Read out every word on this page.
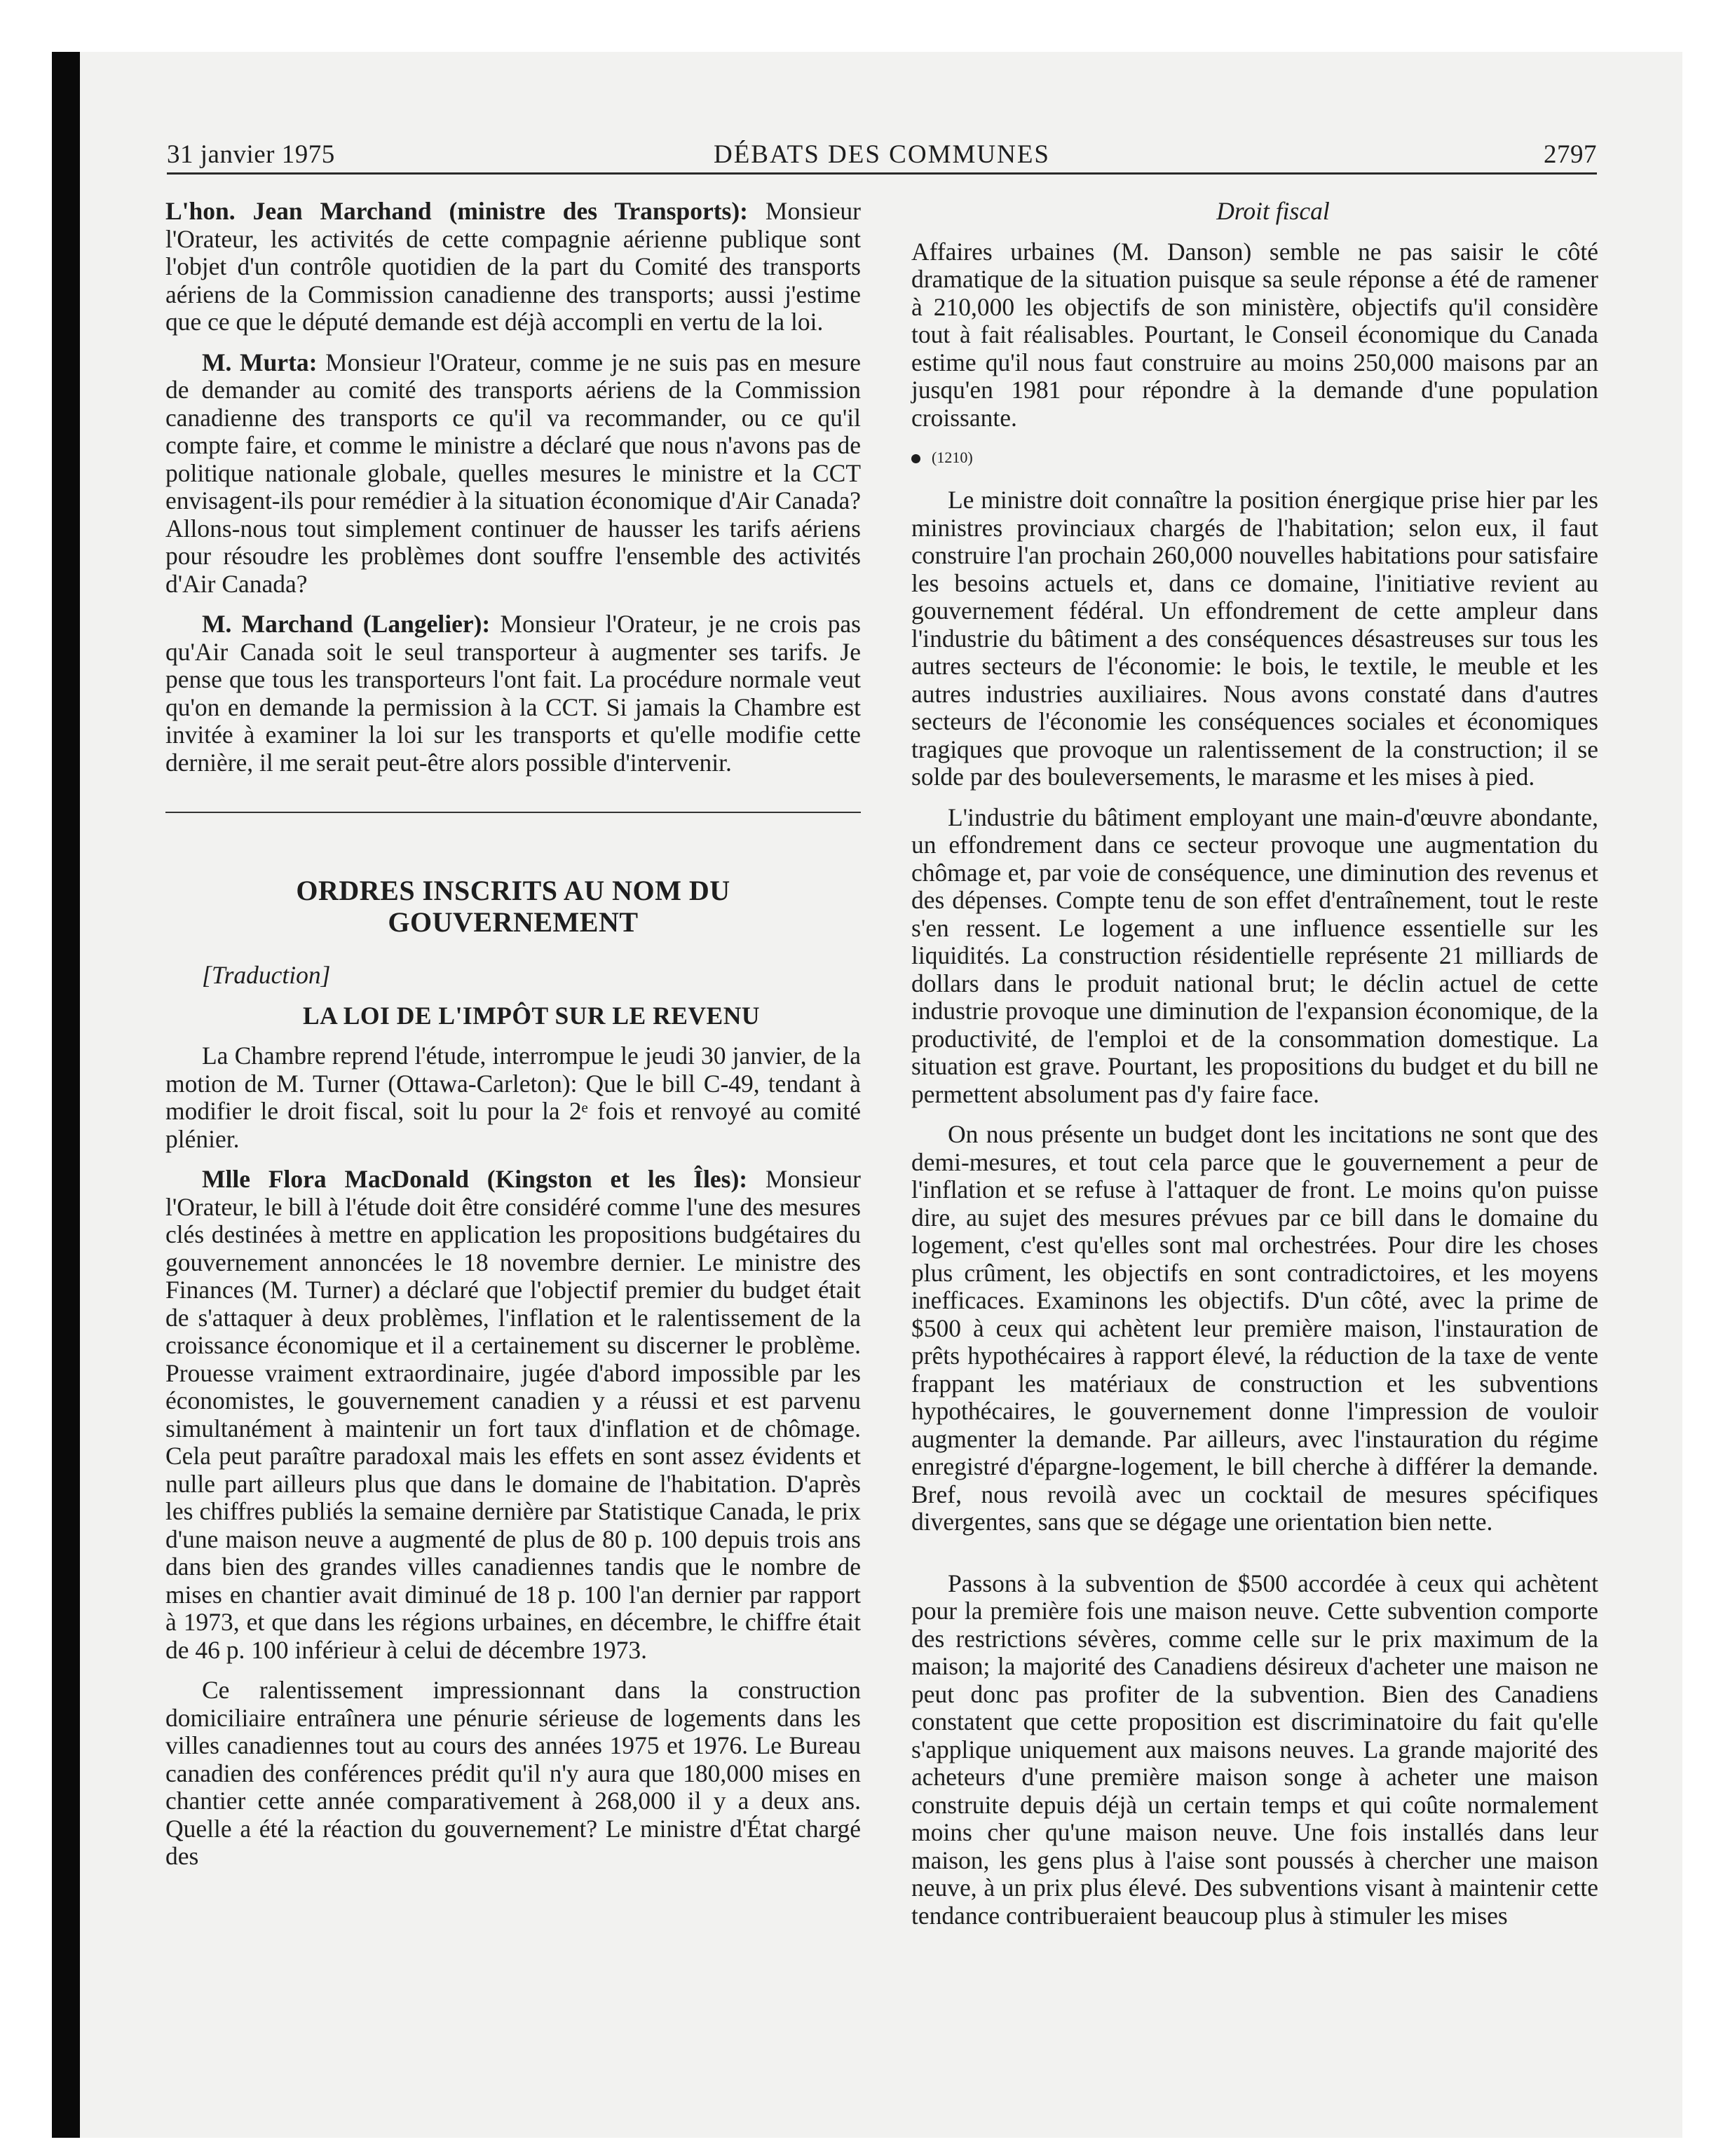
31 janvier 1975	DÉBATS DES COMMUNES	2797

L'hon. Jean Marchand (ministre des Transports): Monsieur l'Orateur, les activités de cette compagnie aérienne publique sont l'objet d'un contrôle quotidien de la part du Comité des transports aériens de la Commission canadienne des transports; aussi j'estime que ce que le député demande est déjà accompli en vertu de la loi.

M. Murta: Monsieur l'Orateur, comme je ne suis pas en mesure de demander au comité des transports aériens de la Commission canadienne des transports ce qu'il va recommander, ou ce qu'il compte faire, et comme le ministre a déclaré que nous n'avons pas de politique nationale globale, quelles mesures le ministre et la CCT envisagent-ils pour remédier à la situation économique d'Air Canada? Allons-nous tout simplement continuer de hausser les tarifs aériens pour résoudre les problèmes dont souffre l'ensemble des activités d'Air Canada?

M. Marchand (Langelier): Monsieur l'Orateur, je ne crois pas qu'Air Canada soit le seul transporteur à augmenter ses tarifs. Je pense que tous les transporteurs l'ont fait. La procédure normale veut qu'on en demande la permission à la CCT. Si jamais la Chambre est invitée à examiner la loi sur les transports et qu'elle modifie cette dernière, il me serait peut-être alors possible d'intervenir.

ORDRES INSCRITS AU NOM DU
GOUVERNEMENT

[Traduction]

LA LOI DE L'IMPÔT SUR LE REVENU

La Chambre reprend l'étude, interrompue le jeudi 30 janvier, de la motion de M. Turner (Ottawa-Carleton): Que le bill C-49, tendant à modifier le droit fiscal, soit lu pour la 2ᵉ fois et renvoyé au comité plénier.

Mlle Flora MacDonald (Kingston et les Îles): Monsieur l'Orateur, le bill à l'étude doit être considéré comme l'une des mesures clés destinées à mettre en application les propositions budgétaires du gouvernement annoncées le 18 novembre dernier. Le ministre des Finances (M. Turner) a déclaré que l'objectif premier du budget était de s'attaquer à deux problèmes, l'inflation et le ralentissement de la croissance économique et il a certainement su discerner le problème. Prouesse vraiment extraordinaire, jugée d'abord impossible par les économistes, le gouvernement canadien y a réussi et est parvenu simultanément à maintenir un fort taux d'inflation et de chômage. Cela peut paraître paradoxal mais les effets en sont assez évidents et nulle part ailleurs plus que dans le domaine de l'habitation. D'après les chiffres publiés la semaine dernière par Statistique Canada, le prix d'une maison neuve a augmenté de plus de 80 p. 100 depuis trois ans dans bien des grandes villes canadiennes tandis que le nombre de mises en chantier avait diminué de 18 p. 100 l'an dernier par rapport à 1973, et que dans les régions urbaines, en décembre, le chiffre était de 46 p. 100 inférieur à celui de décembre 1973.

Ce ralentissement impressionnant dans la construction domiciliaire entraînera une pénurie sérieuse de logements dans les villes canadiennes tout au cours des années 1975 et 1976. Le Bureau canadien des conférences prédit qu'il n'y aura que 180,000 mises en chantier cette année comparativement à 268,000 il y a deux ans. Quelle a été la réaction du gouvernement? Le ministre d'État chargé des

Droit fiscal

Affaires urbaines (M. Danson) semble ne pas saisir le côté dramatique de la situation puisque sa seule réponse a été de ramener à 210,000 les objectifs de son ministère, objectifs qu'il considère tout à fait réalisables. Pourtant, le Conseil économique du Canada estime qu'il nous faut construire au moins 250,000 maisons par an jusqu'en 1981 pour répondre à la demande d'une population croissante.

(1210)

Le ministre doit connaître la position énergique prise hier par les ministres provinciaux chargés de l'habitation; selon eux, il faut construire l'an prochain 260,000 nouvelles habitations pour satisfaire les besoins actuels et, dans ce domaine, l'initiative revient au gouvernement fédéral. Un effondrement de cette ampleur dans l'industrie du bâtiment a des conséquences désastreuses sur tous les autres secteurs de l'économie: le bois, le textile, le meuble et les autres industries auxiliaires. Nous avons constaté dans d'autres secteurs de l'économie les conséquences sociales et économiques tragiques que provoque un ralentissement de la construction; il se solde par des bouleversements, le marasme et les mises à pied.

L'industrie du bâtiment employant une main-d'œuvre abondante, un effondrement dans ce secteur provoque une augmentation du chômage et, par voie de conséquence, une diminution des revenus et des dépenses. Compte tenu de son effet d'entraînement, tout le reste s'en ressent. Le logement a une influence essentielle sur les liquidités. La construction résidentielle représente 21 milliards de dollars dans le produit national brut; le déclin actuel de cette industrie provoque une diminution de l'expansion économique, de la productivité, de l'emploi et de la consommation domestique. La situation est grave. Pourtant, les propositions du budget et du bill ne permettent absolument pas d'y faire face.

On nous présente un budget dont les incitations ne sont que des demi-mesures, et tout cela parce que le gouvernement a peur de l'inflation et se refuse à l'attaquer de front. Le moins qu'on puisse dire, au sujet des mesures prévues par ce bill dans le domaine du logement, c'est qu'elles sont mal orchestrées. Pour dire les choses plus crûment, les objectifs en sont contradictoires, et les moyens inefficaces. Examinons les objectifs. D'un côté, avec la prime de $500 à ceux qui achètent leur première maison, l'instauration de prêts hypothécaires à rapport élevé, la réduction de la taxe de vente frappant les matériaux de construction et les subventions hypothécaires, le gouvernement donne l'impression de vouloir augmenter la demande. Par ailleurs, avec l'instauration du régime enregistré d'épargne-logement, le bill cherche à différer la demande. Bref, nous revoilà avec un cocktail de mesures spécifiques divergentes, sans que se dégage une orientation bien nette.

Passons à la subvention de $500 accordée à ceux qui achètent pour la première fois une maison neuve. Cette subvention comporte des restrictions sévères, comme celle sur le prix maximum de la maison; la majorité des Canadiens désireux d'acheter une maison ne peut donc pas profiter de la subvention. Bien des Canadiens constatent que cette proposition est discriminatoire du fait qu'elle s'applique uniquement aux maisons neuves. La grande majorité des acheteurs d'une première maison songe à acheter une maison construite depuis déjà un certain temps et qui coûte normalement moins cher qu'une maison neuve. Une fois installés dans leur maison, les gens plus à l'aise sont poussés à chercher une maison neuve, à un prix plus élevé. Des subventions visant à maintenir cette tendance contribueraient beaucoup plus à stimuler les mises
